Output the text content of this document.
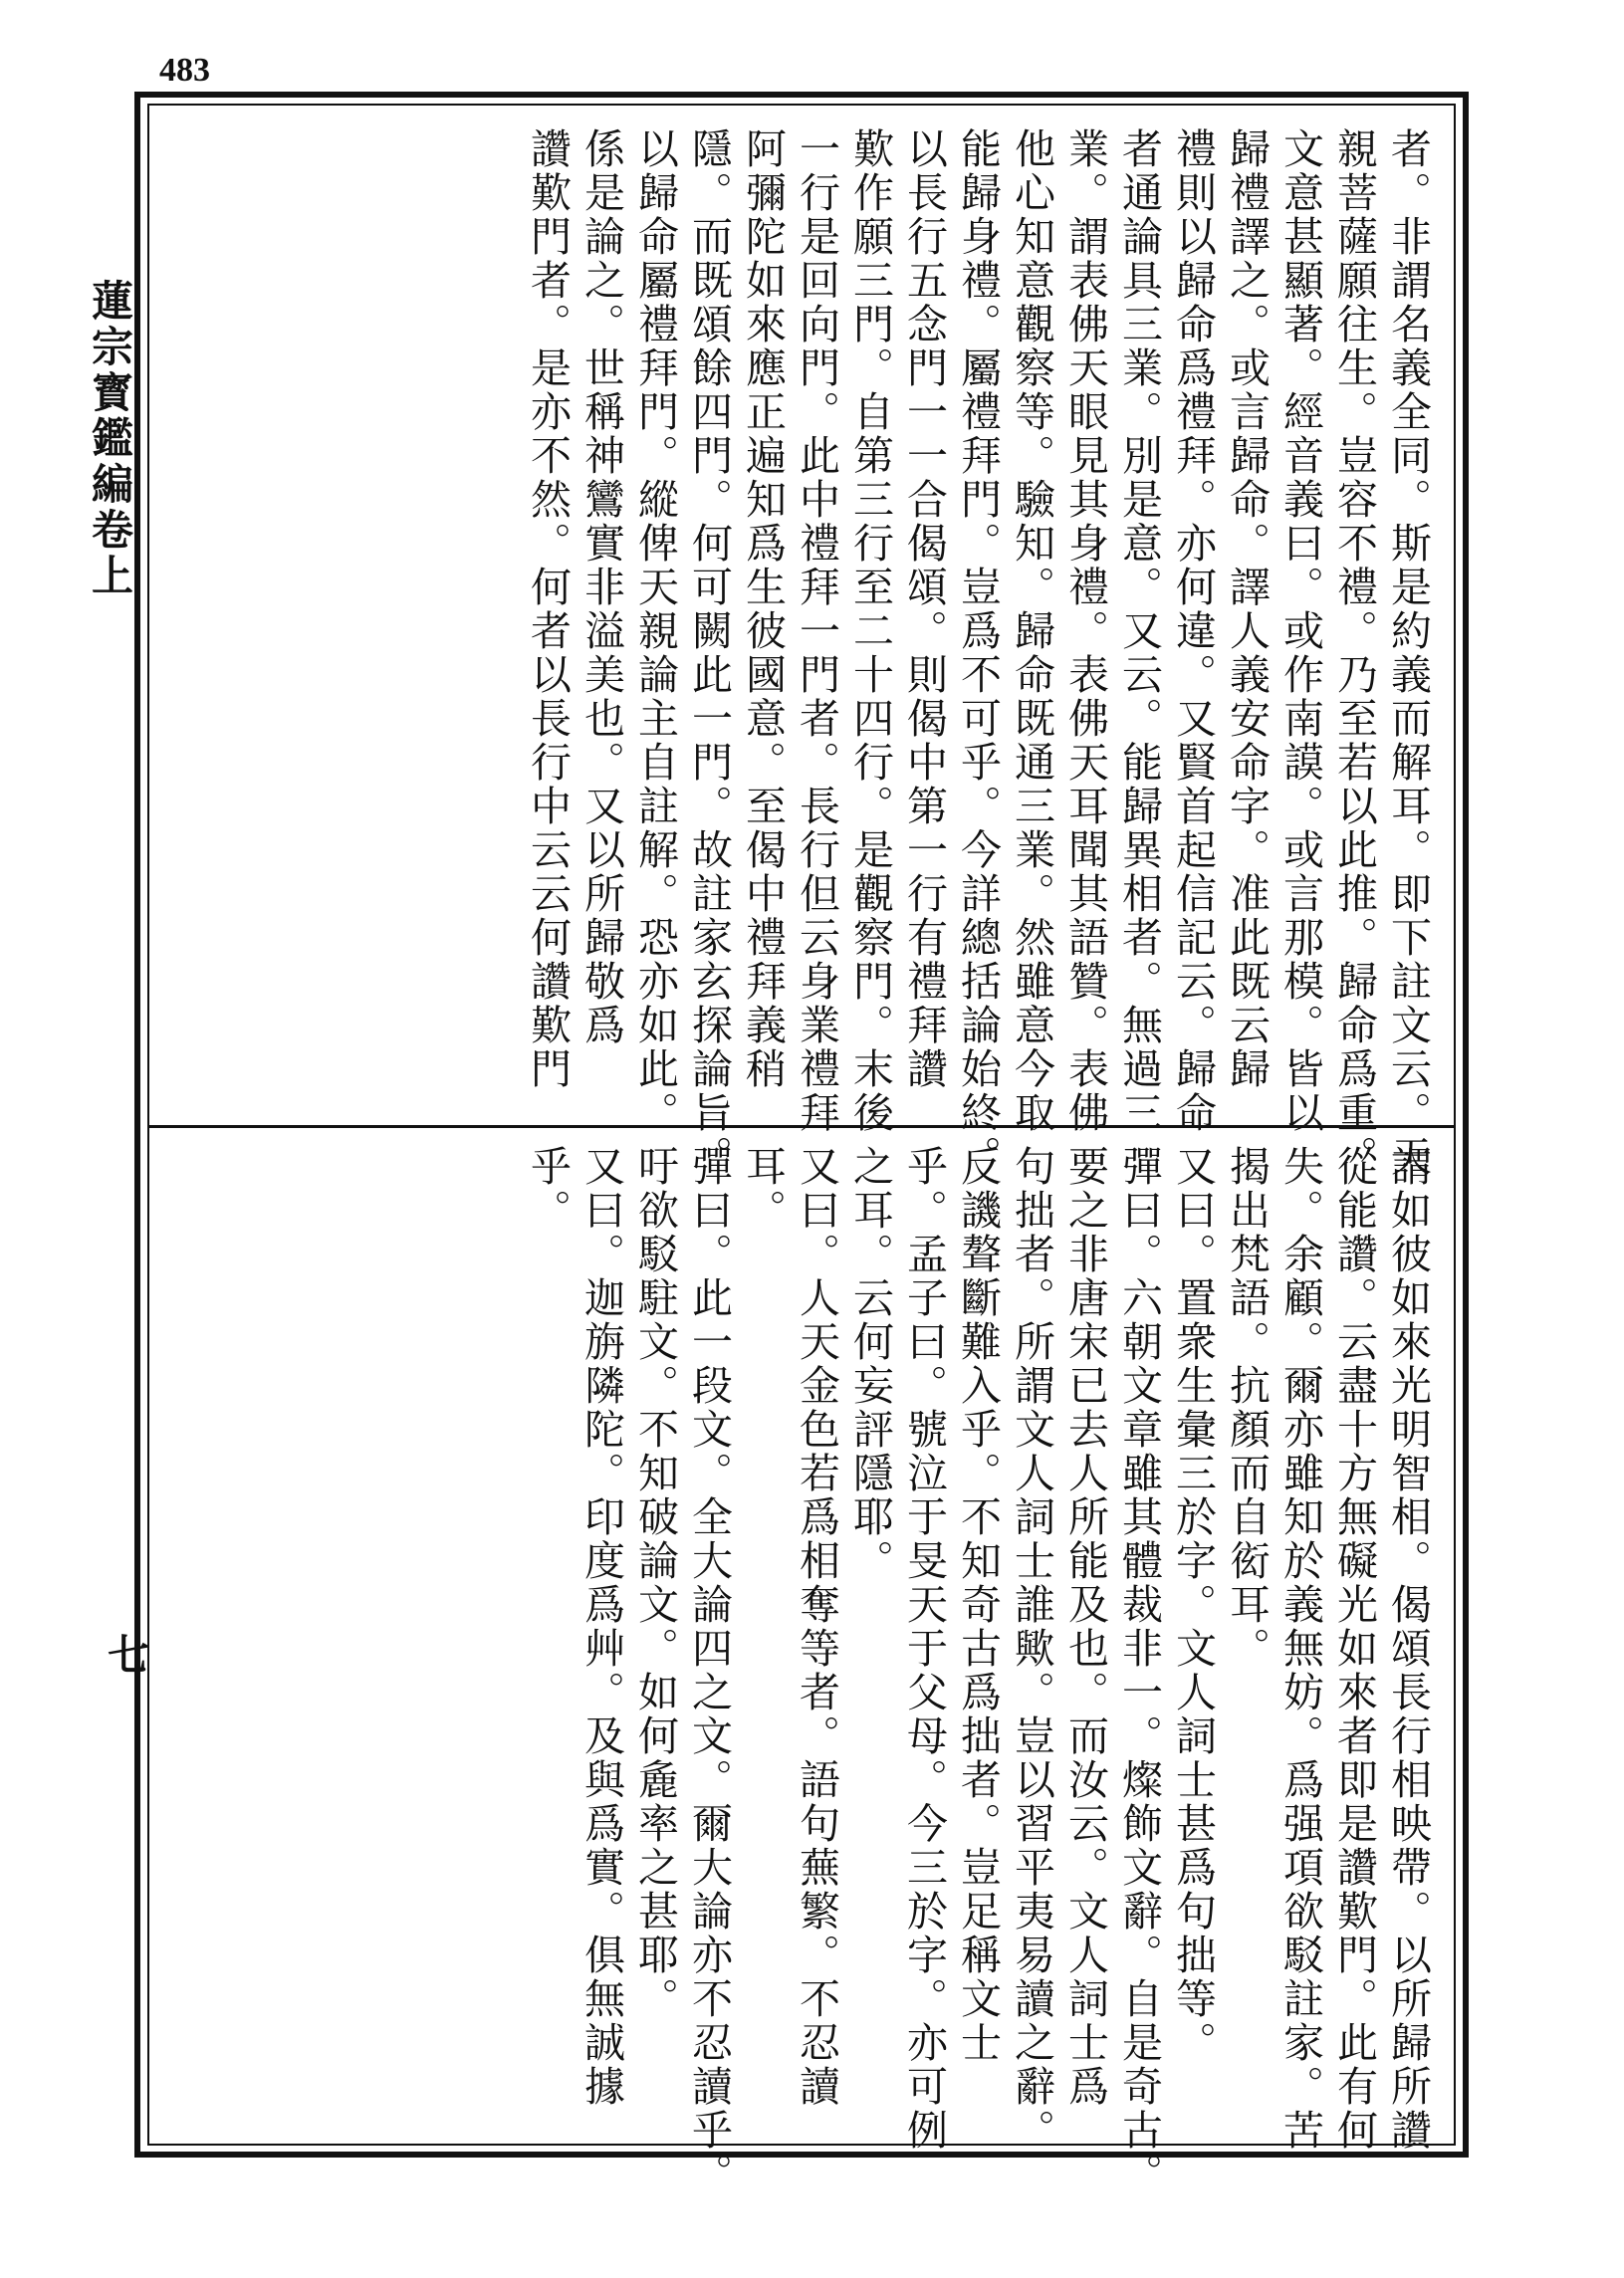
483
蓮宗寳鑑編卷上
七
者。非謂名義全同。斯是約義而解耳。即下註文云。天
親菩薩願往生。豈容不禮。乃至若以此推。歸命爲重。
文意甚顯著。經音義曰。或作南謨。或言那模。皆以
歸禮譯之。或言歸命。譯人義安命字。准此既云歸
禮則以歸命爲禮拜。亦何違。又賢首起信記云。歸命
者通論具三業。別是意。又云。能歸異相者。無過三
業。謂表佛天眼見其身禮。表佛天耳聞其語贊。表佛
他心知意觀察等。驗知。歸命既通三業。然雖意今取
能歸身禮。屬禮拜門。豈爲不可乎。今詳總括論始終。
以長行五念門一一合偈頌。則偈中第一行有禮拜讚
歎作願三門。自第三行至二十四行。是觀察門。末後
一行是回向門。此中禮拜一門者。長行但云身業禮拜
阿彌陀如來應正遍知爲生彼國意。至偈中禮拜義稍
隱。而既頌餘四門。何可闕此一門。故註家玄探論旨。
以歸命屬禮拜門。縱俾天親論主自註解。恐亦如此。
係是論之。世稱神鸞實非溢美也。又以所歸敬爲
讚歎門者。是亦不然。何者以長行中云云何讚歎門
謂如彼如來光明智相。偈頌長行相映帶。以所歸所讚
從能讚。云盡十方無礙光如來者即是讚歎門。此有何
失。余顧。爾亦雖知於義無妨。爲强項欲駁註家。苦
揭出梵語。抗顏而自衒耳。
又曰。置衆生彙三於字。文人詞士甚爲句拙等。
彈曰。六朝文章雖其體裁非一。燦飾文辭。自是奇古。
要之非唐宋已去人所能及也。而汝云。文人詞士爲
句拙者。所謂文人詞士誰歟。豈以習平夷易讀之辭。
反譏聱斷難入乎。不知奇古爲拙者。豈足稱文士
乎。孟子曰。號泣于旻天于父母。今三於字。亦可例
之耳。云何妄評隱耶。
又曰。人天金色若爲相奪等者。語句蕪繁。不忍讀
耳。
彈曰。此一段文。全大論四之文。爾大論亦不忍讀乎。
吁欲駁駐文。不知破論文。如何麁率之甚耶。
又曰。迦旃隣陀。印度爲艸。及與爲實。俱無誠據
乎。
